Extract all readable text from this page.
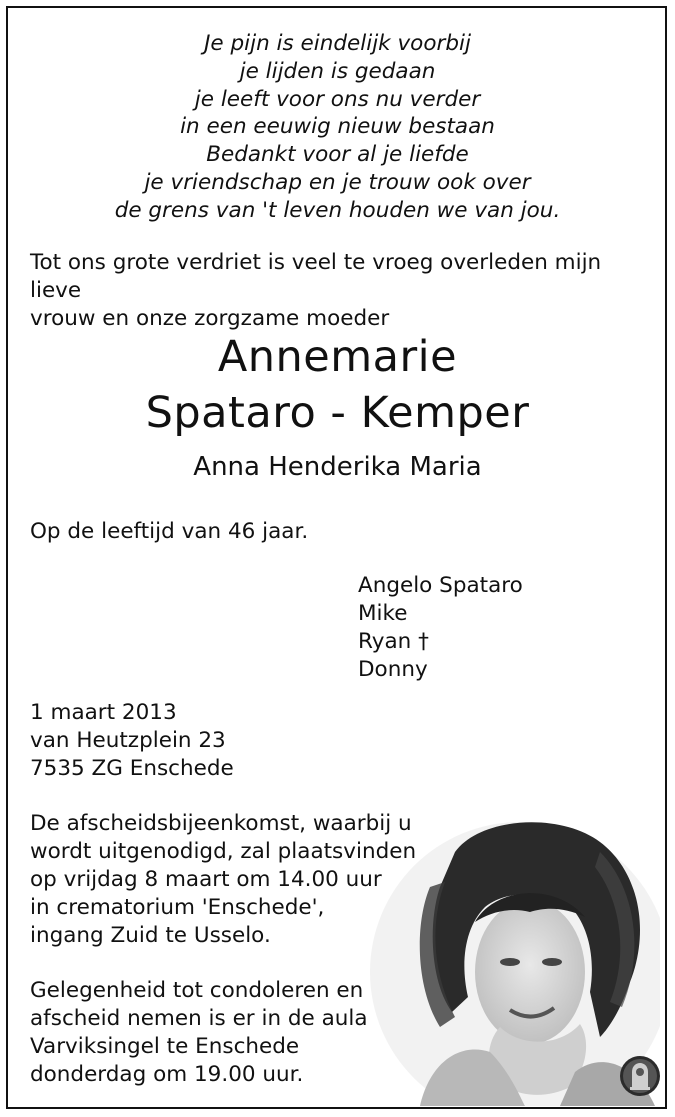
Je pijn is eindelijk voorbij
je lijden is gedaan
je leeft voor ons nu verder
in een eeuwig nieuw bestaan
Bedankt voor al je liefde
je vriendschap en je trouw ook over
de grens van 't leven houden we van jou.
Tot ons grote verdriet is veel te vroeg overleden mijn lieve
vrouw en onze zorgzame moeder
Annemarie
Spataro - Kemper
Anna Henderika Maria
Op de leeftijd van 46 jaar.
Angelo Spataro
Mike
Ryan †
Donny
1 maart 2013
van Heutzplein 23
7535 ZG Enschede
De afscheidsbijeenkomst, waarbij u
wordt uitgenodigd, zal plaatsvinden
op vrijdag 8 maart om 14.00 uur
in crematorium 'Enschede',
ingang Zuid te Usselo.
Gelegenheid tot condoleren en
afscheid nemen is er in de aula
Varviksingel te Enschede
donderdag om 19.00 uur.
